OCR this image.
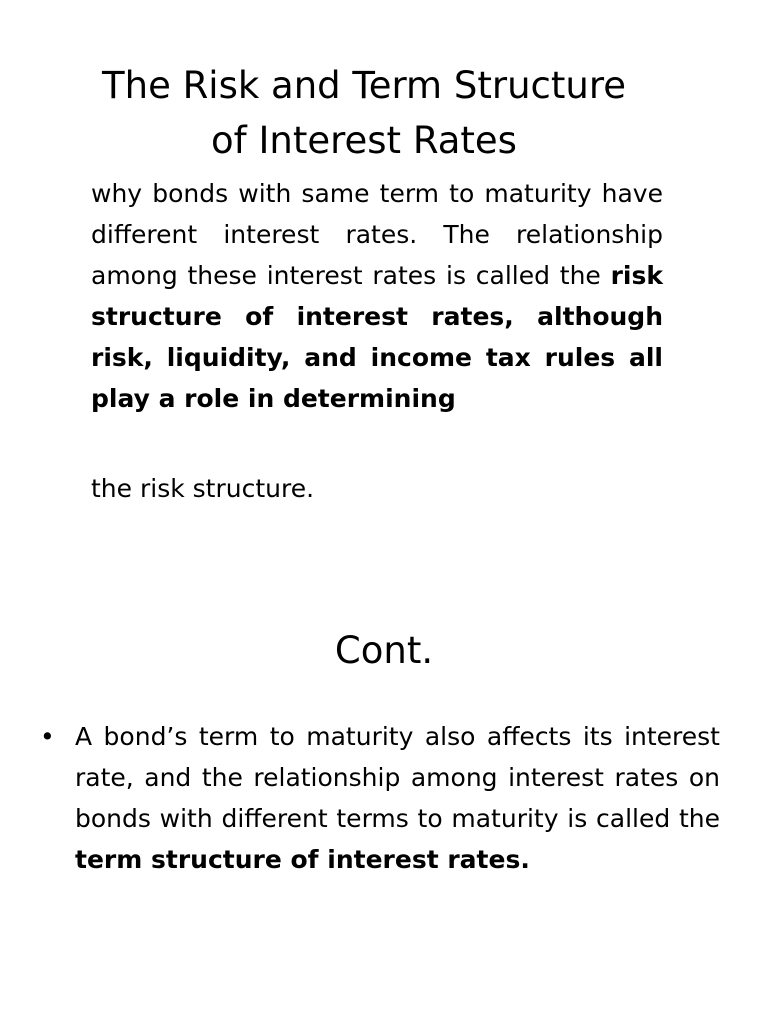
The Risk and Term Structure
of Interest Rates

why bonds with same term to maturity have different interest rates. The relationship among these interest rates is called the risk structure of interest rates, although risk, liquidity, and income tax rules all play a role in determining

the risk structure.

Cont.
• A bond’s term to maturity also affects its interest rate, and the relationship among interest rates on bonds with different terms to maturity is called the term structure of interest rates.
